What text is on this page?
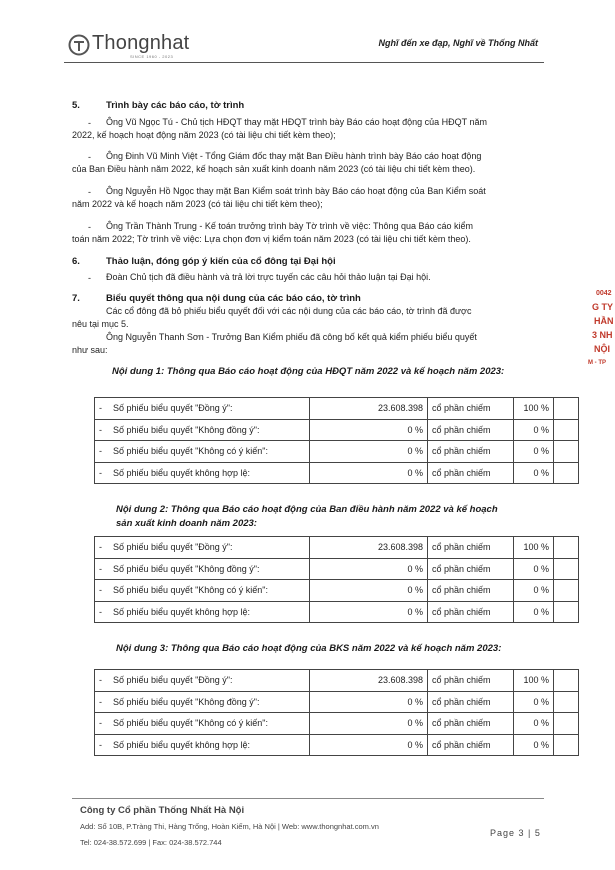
Thongnhat
SINCE 1960 - 2023
Nghĩ đến xe đạp, Nghĩ về Thống Nhất
5.	Trình bày các báo cáo, tờ trình
- Ông Vũ Ngọc Tú - Chủ tịch HĐQT thay mặt HĐQT trình bày Báo cáo hoạt động của HĐQT năm
2022, kế hoạch hoạt động năm 2023 (có tài liệu chi tiết kèm theo);
- Ông Đinh Vũ Minh Việt - Tổng Giám đốc thay mặt Ban Điều hành trình bày Báo cáo hoạt động
của Ban Điều hành năm 2022, kế hoạch sản xuất kinh doanh năm 2023 (có tài liệu chi tiết kèm theo).
- Ông Nguyễn Hồ Ngọc thay mặt Ban Kiểm soát trình bày Báo cáo hoạt động của Ban Kiểm soát
năm 2022 và kế hoạch năm 2023 (có tài liệu chi tiết kèm theo);
- Ông Trần Thành Trung - Kế toán trưởng trình bày Tờ trình về việc: Thông qua Báo cáo kiểm
toán năm 2022; Tờ trình về việc: Lựa chọn đơn vị kiểm toán năm 2023 (có tài liệu chi tiết kèm theo).
6.	Thảo luận, đóng góp ý kiến của cổ đông tại Đại hội
- Đoàn Chủ tịch đã điều hành và trả lời trực tuyến các câu hỏi thảo luận tại Đại hội.
7.	Biểu quyết thông qua nội dung của các báo cáo, tờ trình
Các cổ đông đã bỏ phiếu biểu quyết đối với các nội dung của các báo cáo, tờ trình đã được
nêu tại mục 5.
Ông Nguyễn Thanh Sơn - Trưởng Ban Kiểm phiếu đã công bố kết quả kiểm phiếu biểu quyết
như sau:
Nội dung 1: Thông qua Báo cáo hoạt động của HĐQT năm 2022 và kế hoạch năm 2023:
- Số phiếu biểu quyết "Đồng ý":	23.608.398	cổ phần chiếm	100 %	
- Số phiếu biểu quyết "Không đồng ý":	0 %	cổ phần chiếm	0 %	
- Số phiếu biểu quyết "Không có ý kiến":	0 %	cổ phần chiếm	0 %	
- Số phiếu biểu quyết không hợp lệ:	0 %	cổ phần chiếm	0 %	
Nội dung 2: Thông qua Báo cáo hoạt động của Ban điều hành năm 2022 và kế hoạch
sản xuất kinh doanh năm 2023:
- Số phiếu biểu quyết "Đồng ý":	23.608.398	cổ phần chiếm	100 %	
- Số phiếu biểu quyết "Không đồng ý":	0 %	cổ phần chiếm	0 %	
- Số phiếu biểu quyết "Không có ý kiến":	0 %	cổ phần chiếm	0 %	
- Số phiếu biểu quyết không hợp lệ:	0 %	cổ phần chiếm	0 %	
Nội dung 3: Thông qua Báo cáo hoạt động của BKS năm 2022 và kế hoạch năm 2023:
- Số phiếu biểu quyết "Đồng ý":	23.608.398	cổ phần chiếm	100 %	
- Số phiếu biểu quyết "Không đồng ý":	0 %	cổ phần chiếm	0 %	
- Số phiếu biểu quyết "Không có ý kiến":	0 %	cổ phần chiếm	0 %	
- Số phiếu biểu quyết không hợp lệ:	0 %	cổ phần chiếm	0 %	
0042
G TY
HẦN
3 NH
NỘI
M - TP
Công ty Cổ phần Thống Nhất Hà Nội
Add: Số 10B, P.Tràng Thi, Hàng Trống, Hoàn Kiếm, Hà Nội | Web: www.thongnhat.com.vn
Tel: 024-38.572.699 | Fax: 024-38.572.744
Page 3 | 5
